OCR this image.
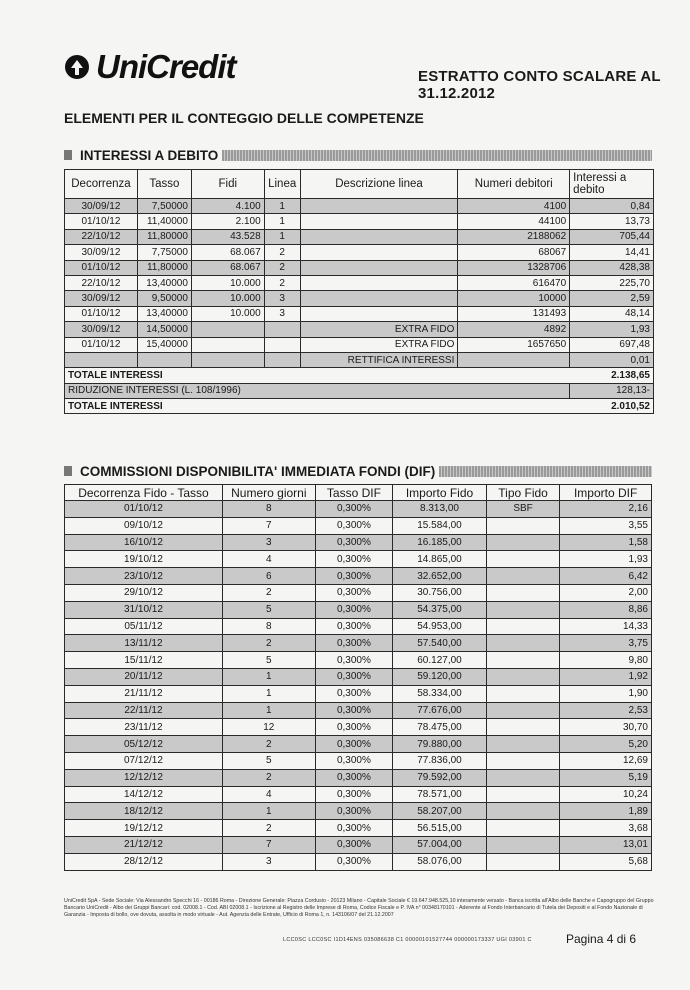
UniCredit	ESTRATTO CONTO SCALARE AL 31.12.2012
ELEMENTI PER IL CONTEGGIO DELLE COMPETENZE
INTERESSI A DEBITO
Decorrenza	Tasso	Fidi	Linea	Descrizione linea	Numeri debitori	Interessi a debito
30/09/12	7,50000	4.100	1		4100	0,84
01/10/12	11,40000	2.100	1		44100	13,73
22/10/12	11,80000	43.528	1		2188062	705,44
30/09/12	7,75000	68.067	2		68067	14,41
01/10/12	11,80000	68.067	2		1328706	428,38
22/10/12	13,40000	10.000	2		616470	225,70
30/09/12	9,50000	10.000	3		10000	2,59
01/10/12	13,40000	10.000	3		131493	48,14
30/09/12	14,50000			EXTRA FIDO	4892	1,93
01/10/12	15,40000			EXTRA FIDO	1657650	697,48
				RETTIFICA INTERESSI		0,01
TOTALE INTERESSI						2.138,65
RIDUZIONE INTERESSI (L. 108/1996)						128,13-
TOTALE INTERESSI						2.010,52
COMMISSIONI DISPONIBILITA' IMMEDIATA FONDI (DIF)
Decorrenza Fido - Tasso	Numero giorni	Tasso DIF	Importo Fido	Tipo Fido	Importo DIF
01/10/12	8	0,300%	8.313,00	SBF	2,16
09/10/12	7	0,300%	15.584,00		3,55
16/10/12	3	0,300%	16.185,00		1,58
19/10/12	4	0,300%	14.865,00		1,93
23/10/12	6	0,300%	32.652,00		6,42
29/10/12	2	0,300%	30.756,00		2,00
31/10/12	5	0,300%	54.375,00		8,86
05/11/12	8	0,300%	54.953,00		14,33
13/11/12	2	0,300%	57.540,00		3,75
15/11/12	5	0,300%	60.127,00		9,80
20/11/12	1	0,300%	59.120,00		1,92
21/11/12	1	0,300%	58.334,00		1,90
22/11/12	1	0,300%	77.676,00		2,53
23/11/12	12	0,300%	78.475,00		30,70
05/12/12	2	0,300%	79.880,00		5,20
07/12/12	5	0,300%	77.836,00		12,69
12/12/12	2	0,300%	79.592,00		5,19
14/12/12	4	0,300%	78.571,00		10,24
18/12/12	1	0,300%	58.207,00		1,89
19/12/12	2	0,300%	56.515,00		3,68
21/12/12	7	0,300%	57.004,00		13,01
28/12/12	3	0,300%	58.076,00		5,68
UniCredit SpA - Sede Sociale: Via Alessandro Specchi 16 - 00186 Roma - Direzione Generale: Piazza Cordusio - 20123 Milano - Capitale Sociale € 19.647.948.525,10 interamente versato - Banca iscritta all'Albo delle Banche e Capogruppo del Gruppo Bancario UniCredit - Albo dei Gruppi Bancari: cod. 02008.1 - Cod. ABI 02008.1 - Iscrizione al Registro delle Imprese di Roma, Codice Fiscale e P. IVA n° 00348170101 - Aderente al Fondo Interbancario di Tutela dei Depositi e al Fondo Nazionale di Garanzia - Imposta di bollo, ove dovuta, assolta in modo virtuale - Aut. Agenzia delle Entrate, Ufficio di Roma 1, n. 143106/07 del 21.12.2007
LCC0SC LCC0SC I1D14ENS 035086638 C1 00000101527744 000000173337 UGI 03901 C	Pagina 4 di 6
